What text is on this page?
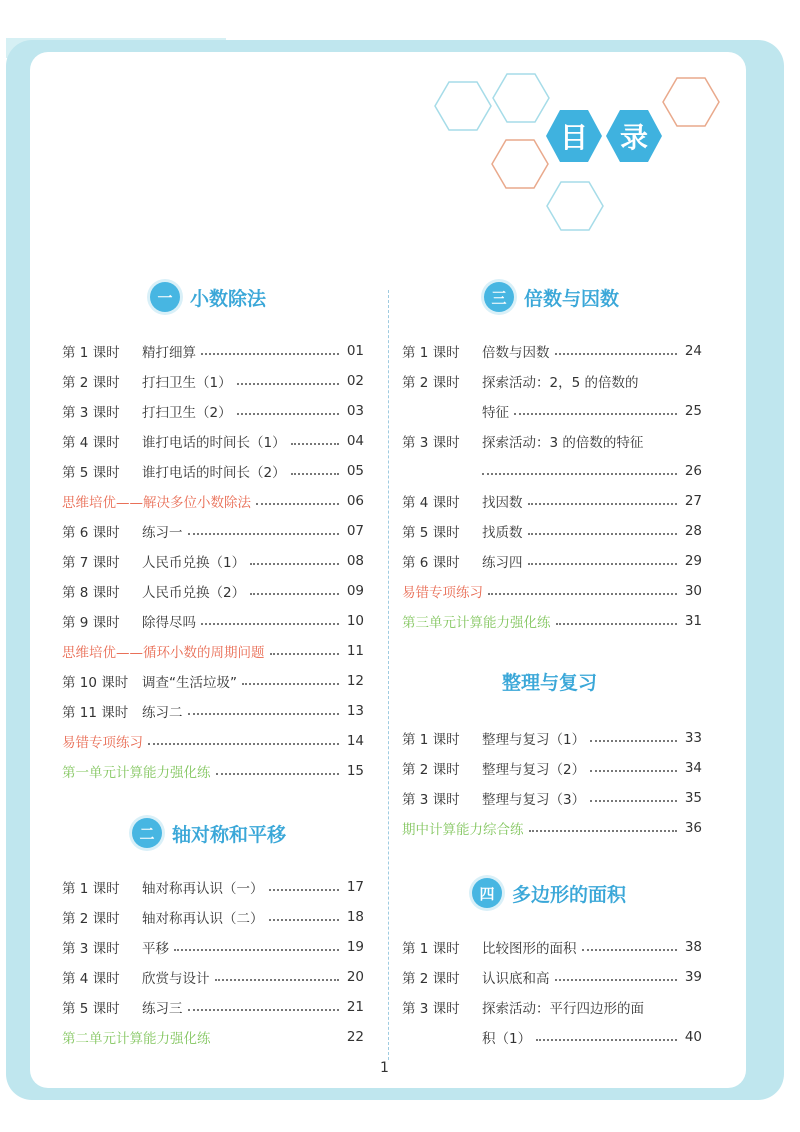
目 录
一 小数除法
第 1 课时	精打细算	01
第 2 课时	打扫卫生（1）	02
第 3 课时	打扫卫生（2）	03
第 4 课时	谁打电话的时间长（1）	04
第 5 课时	谁打电话的时间长（2）	05
思维培优——解决多位小数除法	06
第 6 课时	练习一	07
第 7 课时	人民币兑换（1）	08
第 8 课时	人民币兑换（2）	09
第 9 课时	除得尽吗	10
思维培优——循环小数的周期问题	11
第 10 课时	调查“生活垃圾”	12
第 11 课时	练习二	13
易错专项练习	14
第一单元计算能力强化练	15
二 轴对称和平移
第 1 课时	轴对称再认识（一）	17
第 2 课时	轴对称再认识（二）	18
第 3 课时	平移	19
第 4 课时	欣赏与设计	20
第 5 课时	练习三	21
第二单元计算能力强化练	22
三 倍数与因数
第 1 课时	倍数与因数	24
第 2 课时	探索活动：2，5 的倍数的
特征	25
第 3 课时	探索活动：3 的倍数的特征
26
第 4 课时	找因数	27
第 5 课时	找质数	28
第 6 课时	练习四	29
易错专项练习	30
第三单元计算能力强化练	31
整理与复习
第 1 课时	整理与复习（1）	33
第 2 课时	整理与复习（2）	34
第 3 课时	整理与复习（3）	35
期中计算能力综合练	36
四 多边形的面积
第 1 课时	比较图形的面积	38
第 2 课时	认识底和高	39
第 3 课时	探索活动：平行四边形的面
积（1）	40
1
